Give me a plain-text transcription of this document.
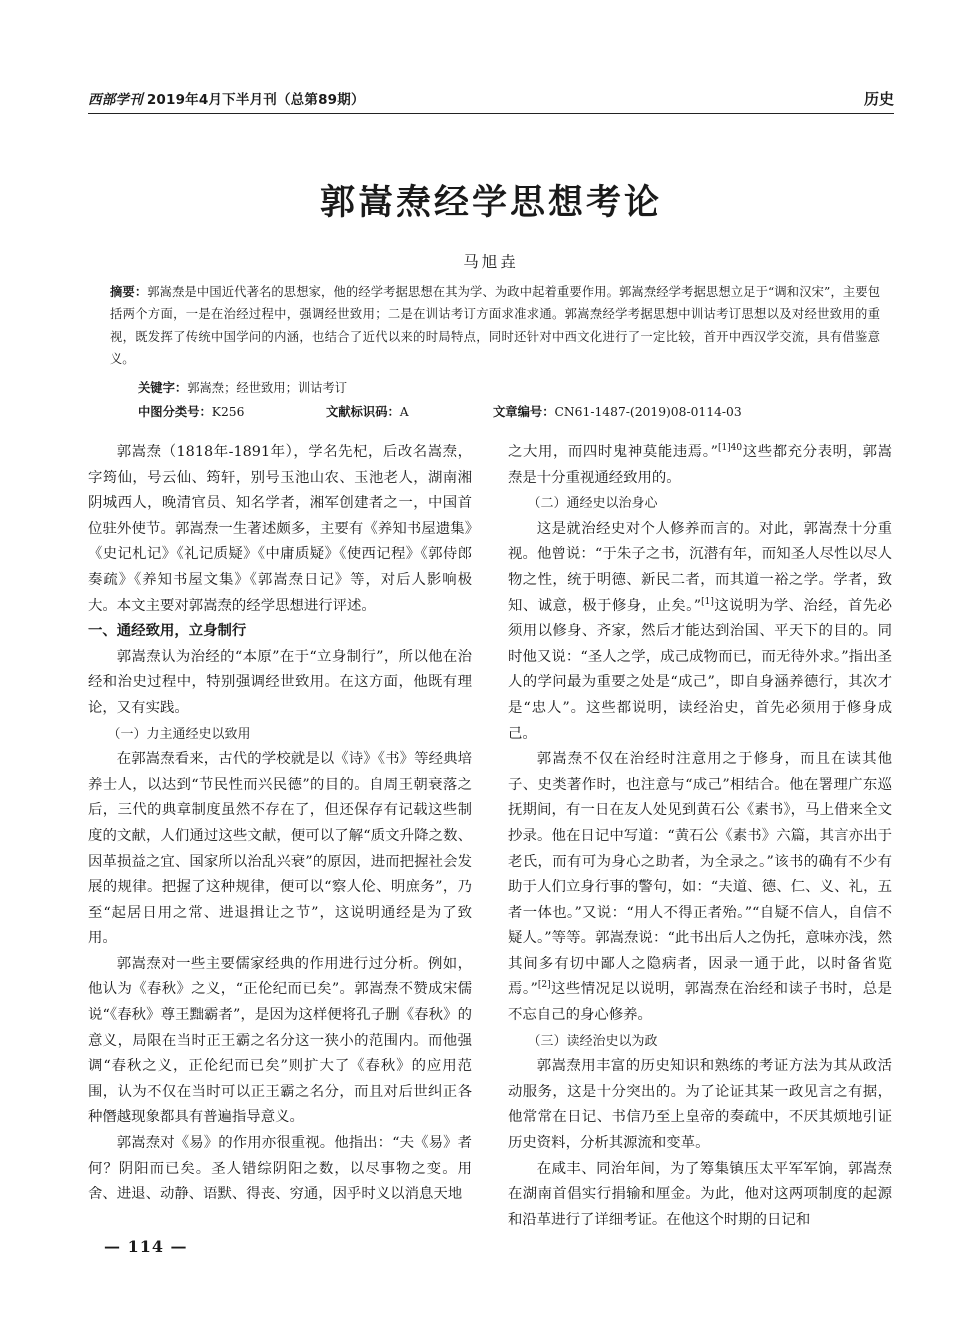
西部学刊 2019年4月下半月刊（总第89期）	历史
郭嵩焘经学思想考论
马旭垚
摘要：郭嵩焘是中国近代著名的思想家，他的经学考据思想在其为学、为政中起着重要作用。郭嵩焘经学考据思想立足于“调和汉宋”，主要包括两个方面，一是在治经过程中，强调经世致用；二是在训诂考订方面求准求通。郭嵩焘经学考据思想中训诂考订思想以及对经世致用的重视，既发挥了传统中国学问的内涵，也结合了近代以来的时局特点，同时还针对中西文化进行了一定比较，首开中西汉学交流，具有借鉴意义。
关键字：郭嵩焘；经世致用；训诂考订
中图分类号：K256	文献标识码：A	文章编号：CN61-1487-(2019)08-0114-03

郭嵩焘（1818年-1891年），学名先杞，后改名嵩焘，字筠仙，号云仙、筠轩，别号玉池山农、玉池老人，湖南湘阴城西人，晚清官员、知名学者，湘军创建者之一，中国首位驻外使节。郭嵩焘一生著述颇多，主要有《养知书屋遗集》《史记札记》《礼记质疑》《中庸质疑》《使西记程》《郭侍郎奏疏》《养知书屋文集》《郭嵩焘日记》等，对后人影响极大。本文主要对郭嵩焘的经学思想进行评述。

一、通经致用，立身制行

郭嵩焘认为治经的“本原”在于“立身制行”，所以他在治经和治史过程中，特别强调经世致用。在这方面，他既有理论，又有实践。

（一）力主通经史以致用

在郭嵩焘看来，古代的学校就是以《诗》《书》等经典培养士人，以达到“节民性而兴民德”的目的。自周王朝衰落之后，三代的典章制度虽然不存在了，但还保存有记载这些制度的文献，人们通过这些文献，便可以了解“质文升降之数、因革损益之宜、国家所以治乱兴衰”的原因，进而把握社会发展的规律。把握了这种规律，便可以“察人伦、明庶务”，乃至“起居日用之常、进退揖让之节”，这说明通经是为了致用。

郭嵩焘对一些主要儒家经典的作用进行过分析。例如，他认为《春秋》之义，“正伦纪而已矣”。郭嵩焘不赞成宋儒说“《春秋》尊王黜霸者”，是因为这样便将孔子删《春秋》的意义，局限在当时正王霸之名分这一狭小的范围内。而他强调“春秋之义，正伦纪而已矣”则扩大了《春秋》的应用范围，认为不仅在当时可以正王霸之名分，而且对后世纠正各种僭越现象都具有普遍指导意义。

郭嵩焘对《易》的作用亦很重视。他指出：“夫《易》者何？阴阳而已矣。圣人错综阴阳之数，以尽事物之变。用舍、进退、动静、语默、得丧、穷通，因乎时义以消息天地

之大用，而四时鬼神莫能违焉。”$^{[1]40}$这些都充分表明，郭嵩焘是十分重视通经致用的。

（二）通经史以治身心

这是就治经史对个人修养而言的。对此，郭嵩焘十分重视。他曾说：“于朱子之书，沉潜有年，而知圣人尽性以尽人物之性，统于明德、新民二者，而其道一裕之学。学者，致知、诚意，极于修身，止矣。”[1]这说明为学、治经，首先必须用以修身、齐家，然后才能达到治国、平天下的目的。同时他又说：“圣人之学，成己成物而已，而无待外求。”指出圣人的学问最为重要之处是“成己”，即自身涵养德行，其次才是“忠人”。这些都说明，读经治史，首先必须用于修身成己。

郭嵩焘不仅在治经时注意用之于修身，而且在读其他子、史类著作时，也注意与“成己”相结合。他在署理广东巡抚期间，有一日在友人处见到黄石公《素书》，马上借来全文抄录。他在日记中写道：“黄石公《素书》六篇，其言亦出于老氏，而有可为身心之助者，为全录之。”该书的确有不少有助于人们立身行事的警句，如：“夫道、德、仁、义、礼，五者一体也。”又说：“用人不得正者殆。”“自疑不信人，自信不疑人。”等等。郭嵩焘说：“此书出后人之伪托，意味亦浅，然其间多有切中鄙人之隐病者，因录一通于此，以时备省览焉。”[2]这些情况足以说明，郭嵩焘在治经和读子书时，总是不忘自己的身心修养。

（三）读经治史以为政

郭嵩焘用丰富的历史知识和熟练的考证方法为其从政活动服务，这是十分突出的。为了论证其某一政见言之有据，他常常在日记、书信乃至上皇帝的奏疏中，不厌其烦地引证历史资料，分析其源流和变革。

在咸丰、同治年间，为了筹集镇压太平军军饷，郭嵩焘在湖南首倡实行捐输和厘金。为此，他对这两项制度的起源和沿革进行了详细考证。在他这个时期的日记和

— 114 —
